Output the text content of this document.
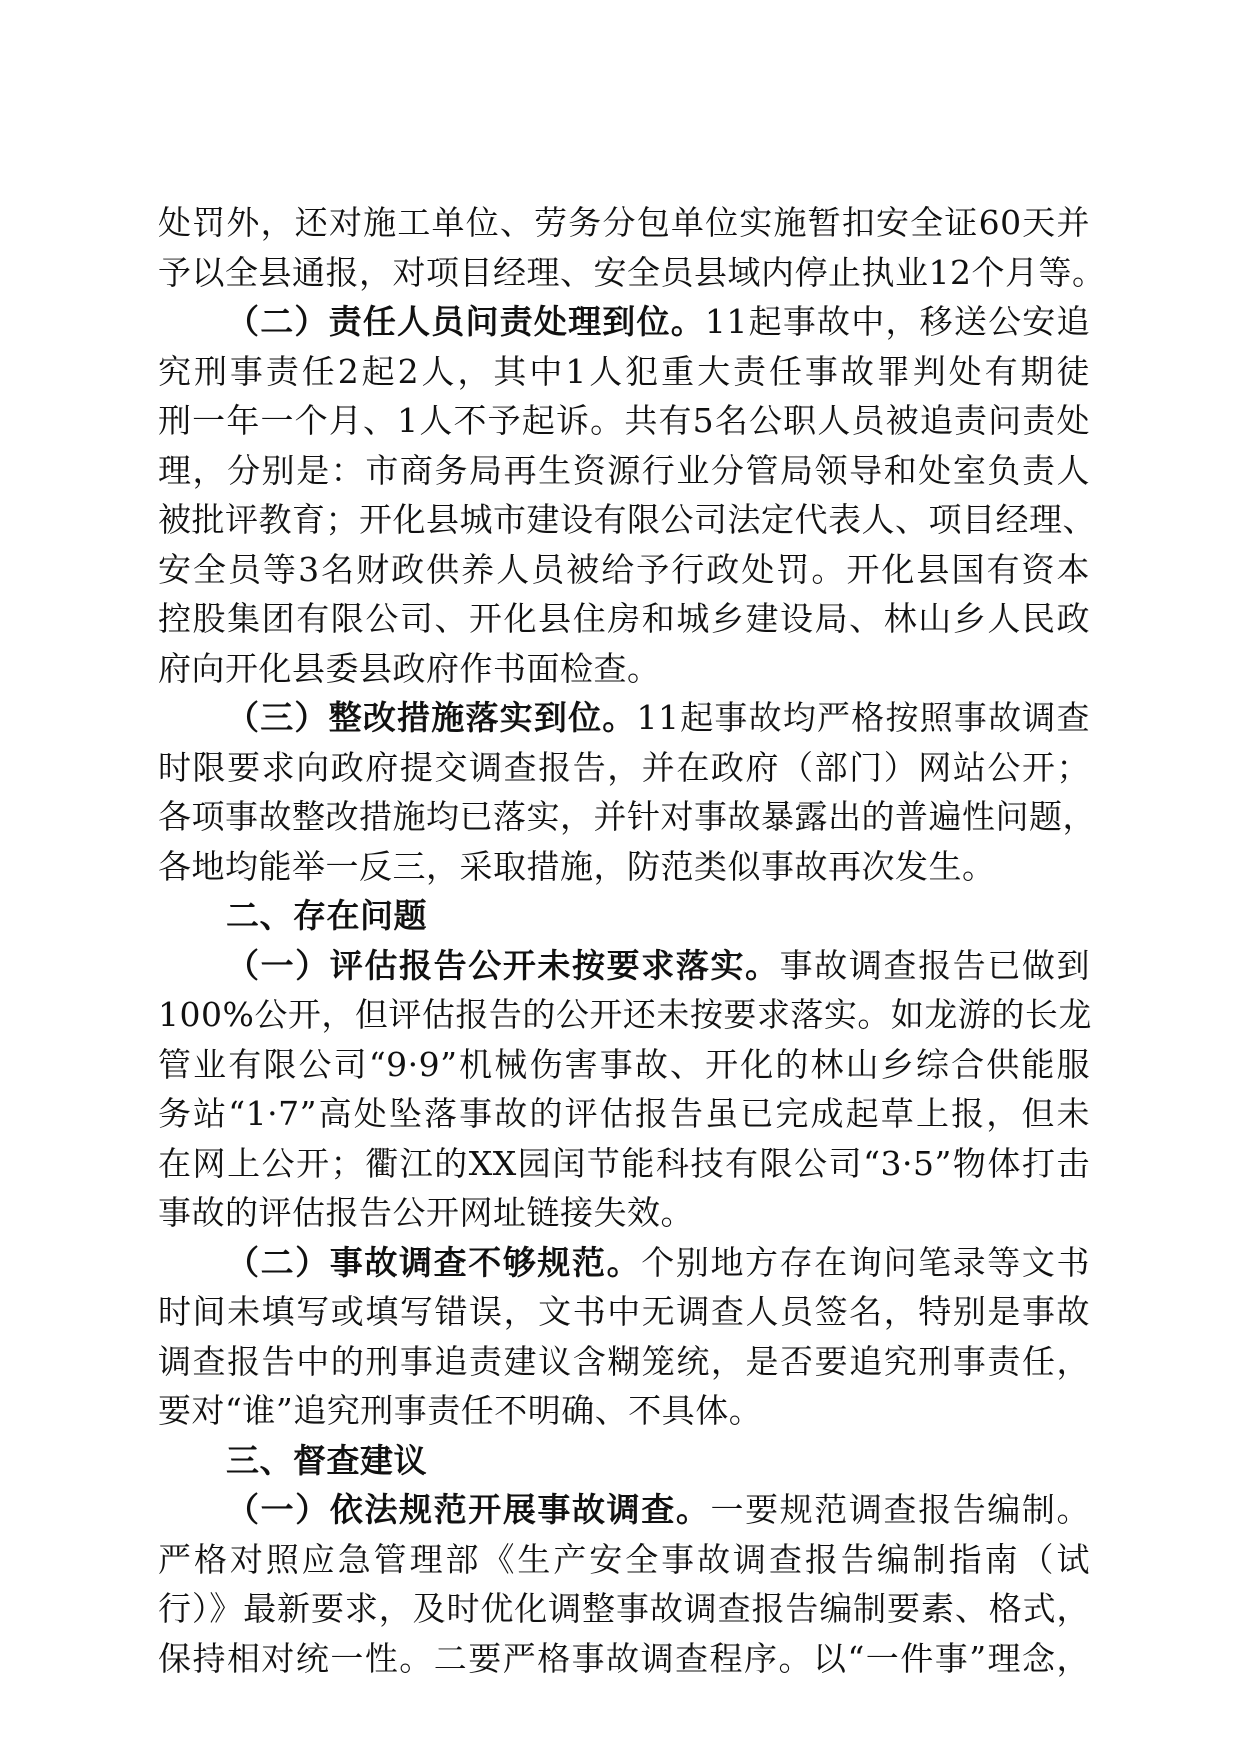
处罚外，还对施工单位、劳务分包单位实施暂扣安全证60天并
予以全县通报，对项目经理、安全员县域内停止执业12个月等。
（二）责任人员问责处理到位。11起事故中，移送公安追
究刑事责任2起2人，其中1人犯重大责任事故罪判处有期徒
刑一年一个月、1人不予起诉。共有5名公职人员被追责问责处
理，分别是：市商务局再生资源行业分管局领导和处室负责人
被批评教育；开化县城市建设有限公司法定代表人、项目经理、
安全员等3名财政供养人员被给予行政处罚。开化县国有资本
控股集团有限公司、开化县住房和城乡建设局、林山乡人民政
府向开化县委县政府作书面检查。
（三）整改措施落实到位。11起事故均严格按照事故调查
时限要求向政府提交调查报告，并在政府（部门）网站公开；
各项事故整改措施均已落实，并针对事故暴露出的普遍性问题，
各地均能举一反三，采取措施，防范类似事故再次发生。
二、存在问题
（一）评估报告公开未按要求落实。事故调查报告已做到
100%公开，但评估报告的公开还未按要求落实。如龙游的长龙
管业有限公司“9·9”机械伤害事故、开化的林山乡综合供能服
务站“1·7”高处坠落事故的评估报告虽已完成起草上报，但未
在网上公开；衢江的XX园闰节能科技有限公司“3·5”物体打击
事故的评估报告公开网址链接失效。
（二）事故调查不够规范。个别地方存在询问笔录等文书
时间未填写或填写错误，文书中无调查人员签名，特别是事故
调查报告中的刑事追责建议含糊笼统，是否要追究刑事责任，
要对“谁”追究刑事责任不明确、不具体。
三、督查建议
（一）依法规范开展事故调查。一要规范调查报告编制。
严格对照应急管理部《生产安全事故调查报告编制指南（试
行）》最新要求，及时优化调整事故调查报告编制要素、格式，
保持相对统一性。二要严格事故调查程序。以“一件事”理念，
